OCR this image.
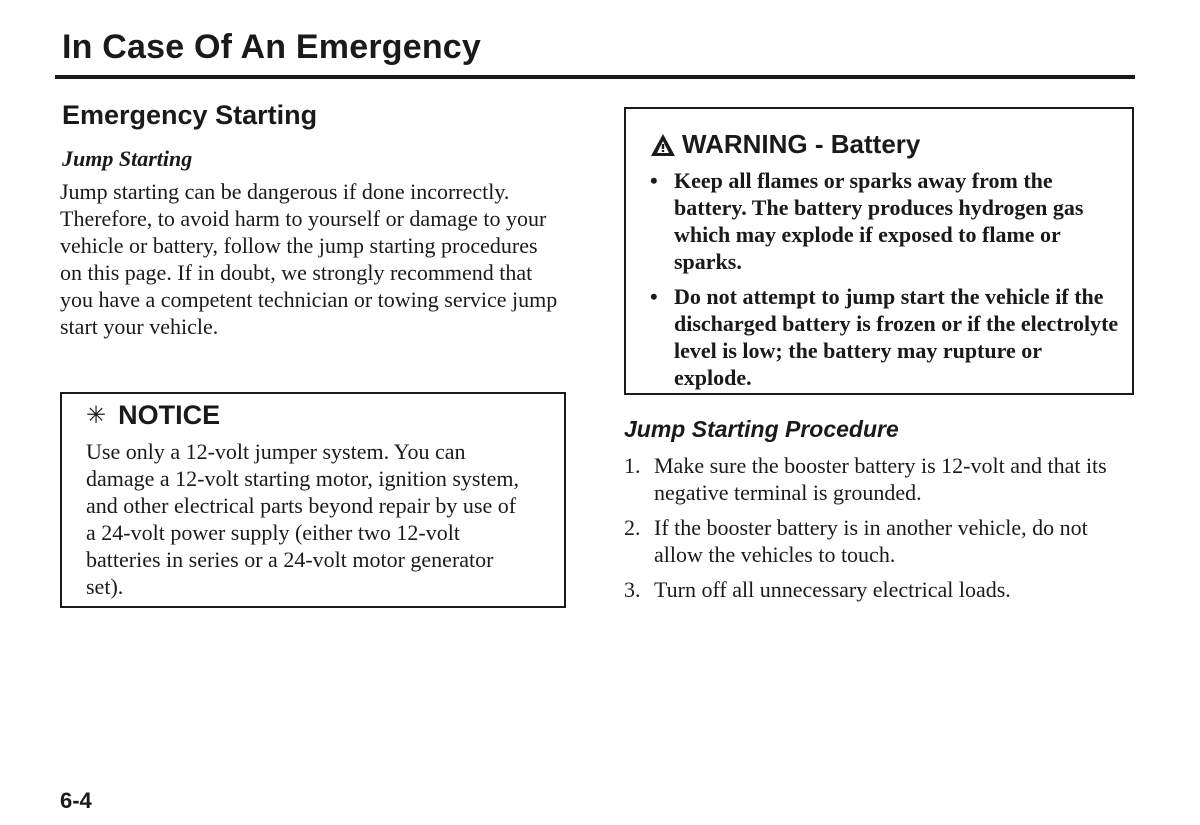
In Case Of An Emergency
Emergency Starting
Jump Starting

Jump starting can be dangerous if done incorrectly. Therefore, to avoid harm to yourself or damage to your vehicle or battery, follow the jump starting procedures on this page. If in doubt, we strongly recommend that you have a competent technician or towing service jump start your vehicle.

✳ NOTICE

Use only a 12-volt jumper system. You can damage a 12-volt starting motor, ignition system, and other electrical parts beyond repair by use of a 24-volt power supply (either two 12-volt batteries in series or a 24-volt motor generator set).

WARNING - Battery
• Keep all flames or sparks away from the battery. The battery produces hydrogen gas which may explode if exposed to flame or sparks.
• Do not attempt to jump start the vehicle if the discharged battery is frozen or if the electrolyte level is low; the battery may rupture or explode.
Jump Starting Procedure
1. Make sure the booster battery is 12-volt and that its negative terminal is grounded.
2. If the booster battery is in another vehicle, do not allow the vehicles to touch.
3. Turn off all unnecessary electrical loads.
6-4
